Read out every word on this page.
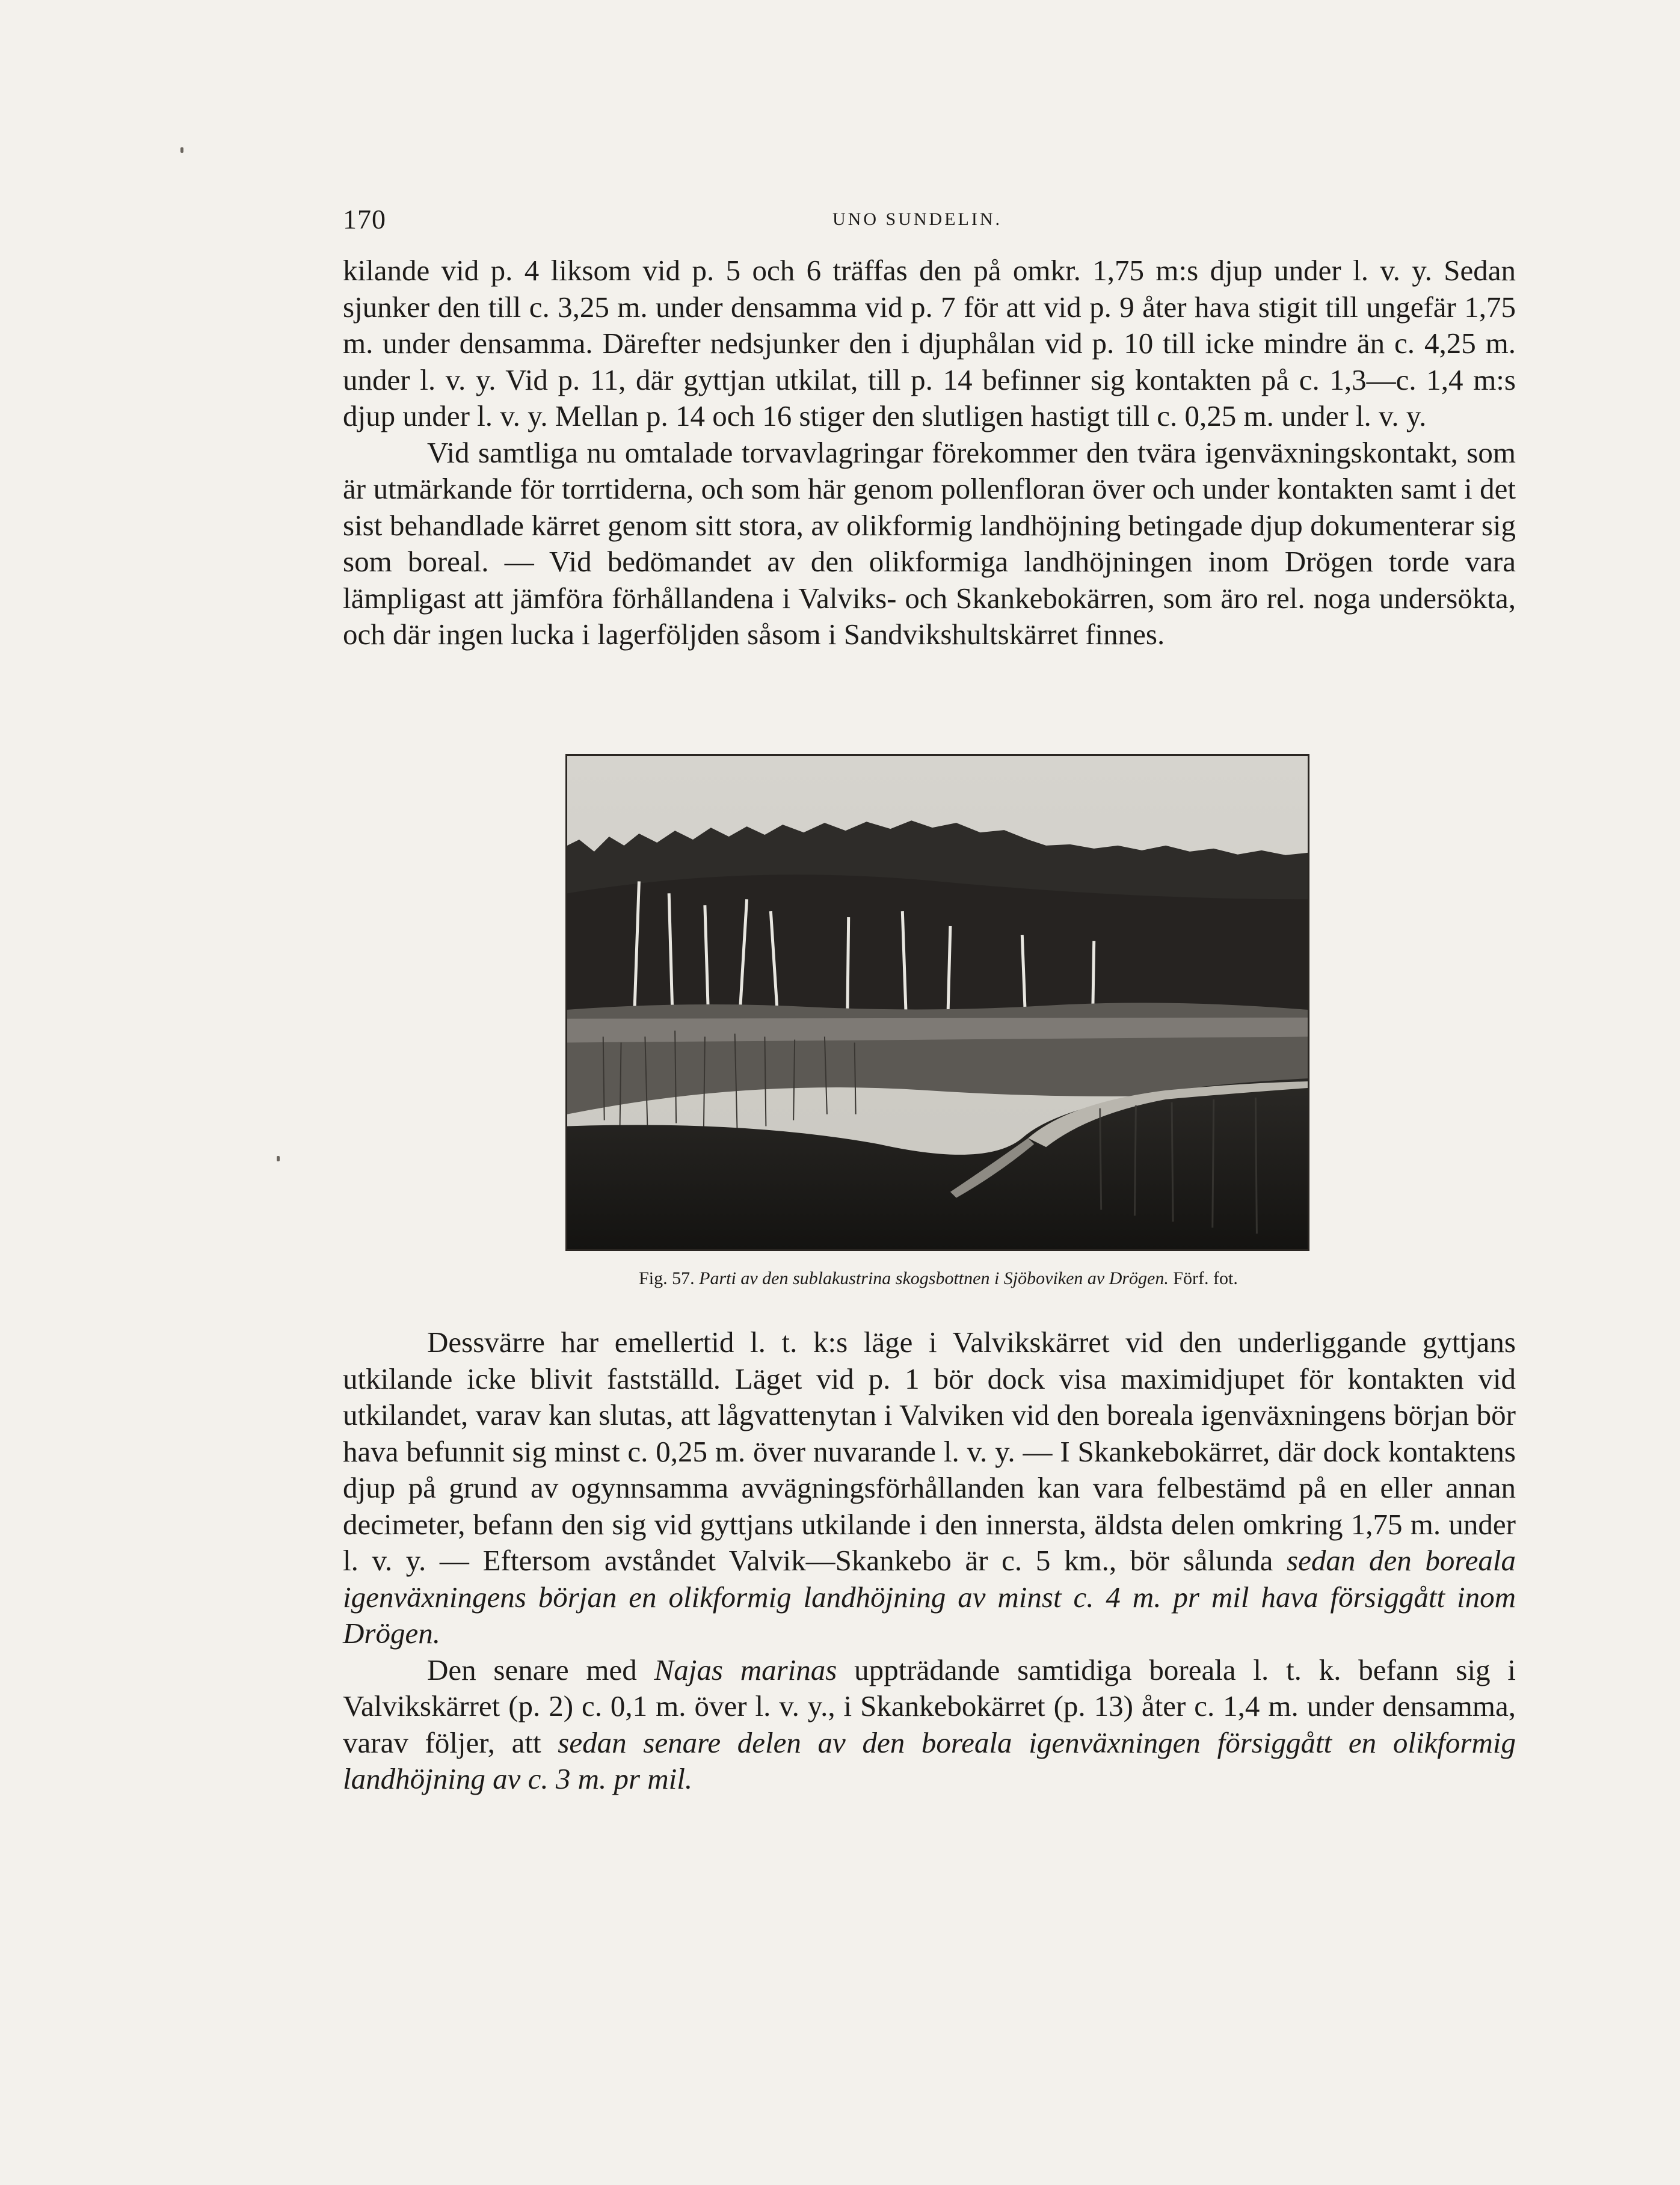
170	UNO SUNDELIN.

kilande vid p. 4 liksom vid p. 5 och 6 träffas den på omkr. 1,75 m:s djup under l. v. y. Sedan sjunker den till c. 3,25 m. under densamma vid p. 7 för att vid p. 9 åter hava stigit till ungefär 1,75 m. under densamma. Därefter nedsjunker den i djuphålan vid p. 10 till icke mindre än c. 4,25 m. under l. v. y. Vid p. 11, där gyttjan utkilat, till p. 14 befinner sig kontakten på c. 1,3—c. 1,4 m:s djup under l. v. y. Mellan p. 14 och 16 stiger den slutligen hastigt till c. 0,25 m. under l. v. y.

Vid samtliga nu omtalade torvavlagringar förekommer den tvära igenväxningskontakt, som är utmärkande för torrtiderna, och som här genom pollenfloran över och under kontakten samt i det sist behandlade kärret genom sitt stora, av olikformig landhöjning betingade djup dokumenterar sig som boreal. — Vid bedömandet av den olikformiga landhöjningen inom Drögen torde vara lämpligast att jämföra förhållandena i Valviks- och Skankebokärren, som äro rel. noga undersökta, och där ingen lucka i lagerföljden såsom i Sandvikshultskärret finnes.

Fig. 57. Parti av den sublakustrina skogsbottnen i Sjöboviken av Drögen. Förf. fot.

Dessvärre har emellertid l. t. k:s läge i Valvikskärret vid den underliggande gyttjans utkilande icke blivit fastställd. Läget vid p. 1 bör dock visa maximidjupet för kontakten vid utkilandet, varav kan slutas, att lågvattenytan i Valviken vid den boreala igenväxningens början bör hava befunnit sig minst c. 0,25 m. över nuvarande l. v. y. — I Skankebokärret, där dock kontaktens djup på grund av ogynnsamma avvägningsförhållanden kan vara felbestämd på en eller annan decimeter, befann den sig vid gyttjans utkilande i den innersta, äldsta delen omkring 1,75 m. under l. v. y. — Eftersom avståndet Valvik—Skankebo är c. 5 km., bör sålunda sedan den boreala igenväxningens början en olikformig landhöjning av minst c. 4 m. pr mil hava försiggått inom Drögen.

Den senare med Najas marinas uppträdande samtidiga boreala l. t. k. befann sig i Valvikskärret (p. 2) c. 0,1 m. över l. v. y., i Skankebokärret (p. 13) åter c. 1,4 m. under densamma, varav följer, att sedan senare delen av den boreala igenväxningen försiggått en olikformig landhöjning av c. 3 m. pr mil.
